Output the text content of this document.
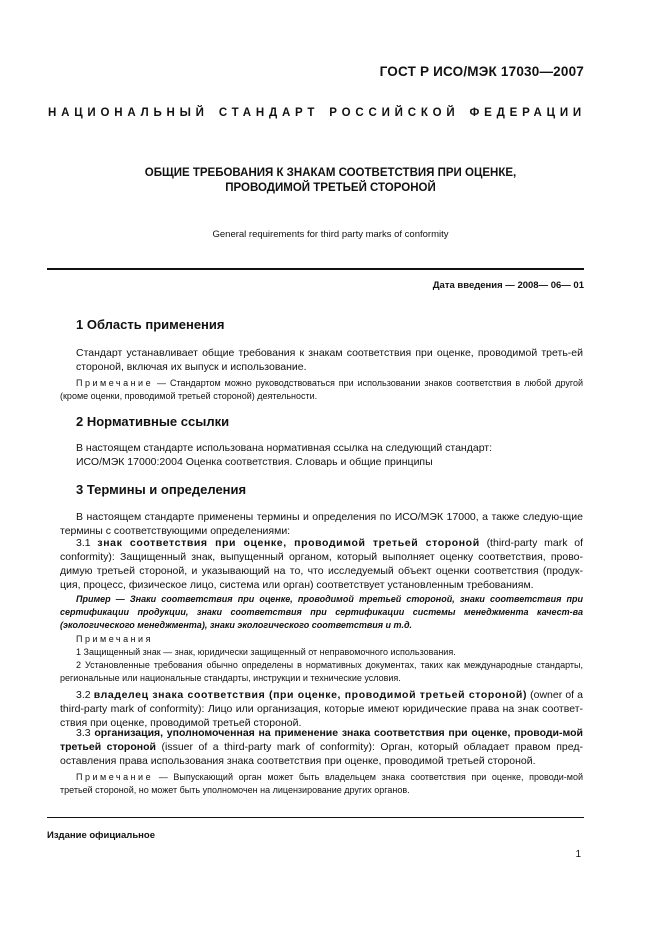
ГОСТ Р ИСО/МЭК 17030—2007
НАЦИОНАЛЬНЫЙ СТАНДАРТ РОССИЙСКОЙ ФЕДЕРАЦИИ
ОБЩИЕ ТРЕБОВАНИЯ К ЗНАКАМ СООТВЕТСТВИЯ ПРИ ОЦЕНКЕ,
ПРОВОДИМОЙ ТРЕТЬЕЙ СТОРОНОЙ
General requirements for third party marks of conformity
Дата введения — 2008— 06— 01
1 Область применения
Стандарт устанавливает общие требования к знакам соответствия при оценке, проводимой треть-ей стороной, включая их выпуск и использование.
Примечание — Стандартом можно руководствоваться при использовании знаков соответствия в любой другой (кроме оценки, проводимой третьей стороной) деятельности.
2 Нормативные ссылки
В настоящем стандарте использована нормативная ссылка на следующий стандарт:
ИСО/МЭК 17000:2004 Оценка соответствия. Словарь и общие принципы
3 Термины и определения
В настоящем стандарте применены термины и определения по ИСО/МЭК 17000, а также следую-щие термины с соответствующими определениями:
3.1 знак соответствия при оценке, проводимой третьей стороной (third-party mark of conformity): Защищенный знак, выпущенный органом, который выполняет оценку соответствия, прово-димую третьей стороной, и указывающий на то, что исследуемый объект оценки соответствия (продук-ция, процесс, физическое лицо, система или орган) соответствует установленным требованиям.
Пример — Знаки соответствия при оценке, проводимой третьей стороной, знаки соответствия при сертификации продукции, знаки соответствия при сертификации системы менеджмента качест-ва (экологического менеджмента), знаки экологического соответствия и т.д.
Примечания
1 Защищенный знак — знак, юридически защищенный от неправомочного использования.
2 Установленные требования обычно определены в нормативных документах, таких как международные стандарты, региональные или национальные стандарты, инструкции и технические условия.
3.2 владелец знака соответствия (при оценке, проводимой третьей стороной) (owner of a third-party mark of conformity): Лицо или организация, которые имеют юридические права на знак соответ-ствия при оценке, проводимой третьей стороной.
3.3 организация, уполномоченная на применение знака соответствия при оценке, проводи-мой третьей стороной (issuer of a third-party mark of conformity): Орган, который обладает правом пред-оставления права использования знака соответствия при оценке, проводимой третьей стороной.
Примечание — Выпускающий орган может быть владельцем знака соответствия при оценке, проводи-мой третьей стороной, но может быть уполномочен на лицензирование других органов.
Издание официальное
1
